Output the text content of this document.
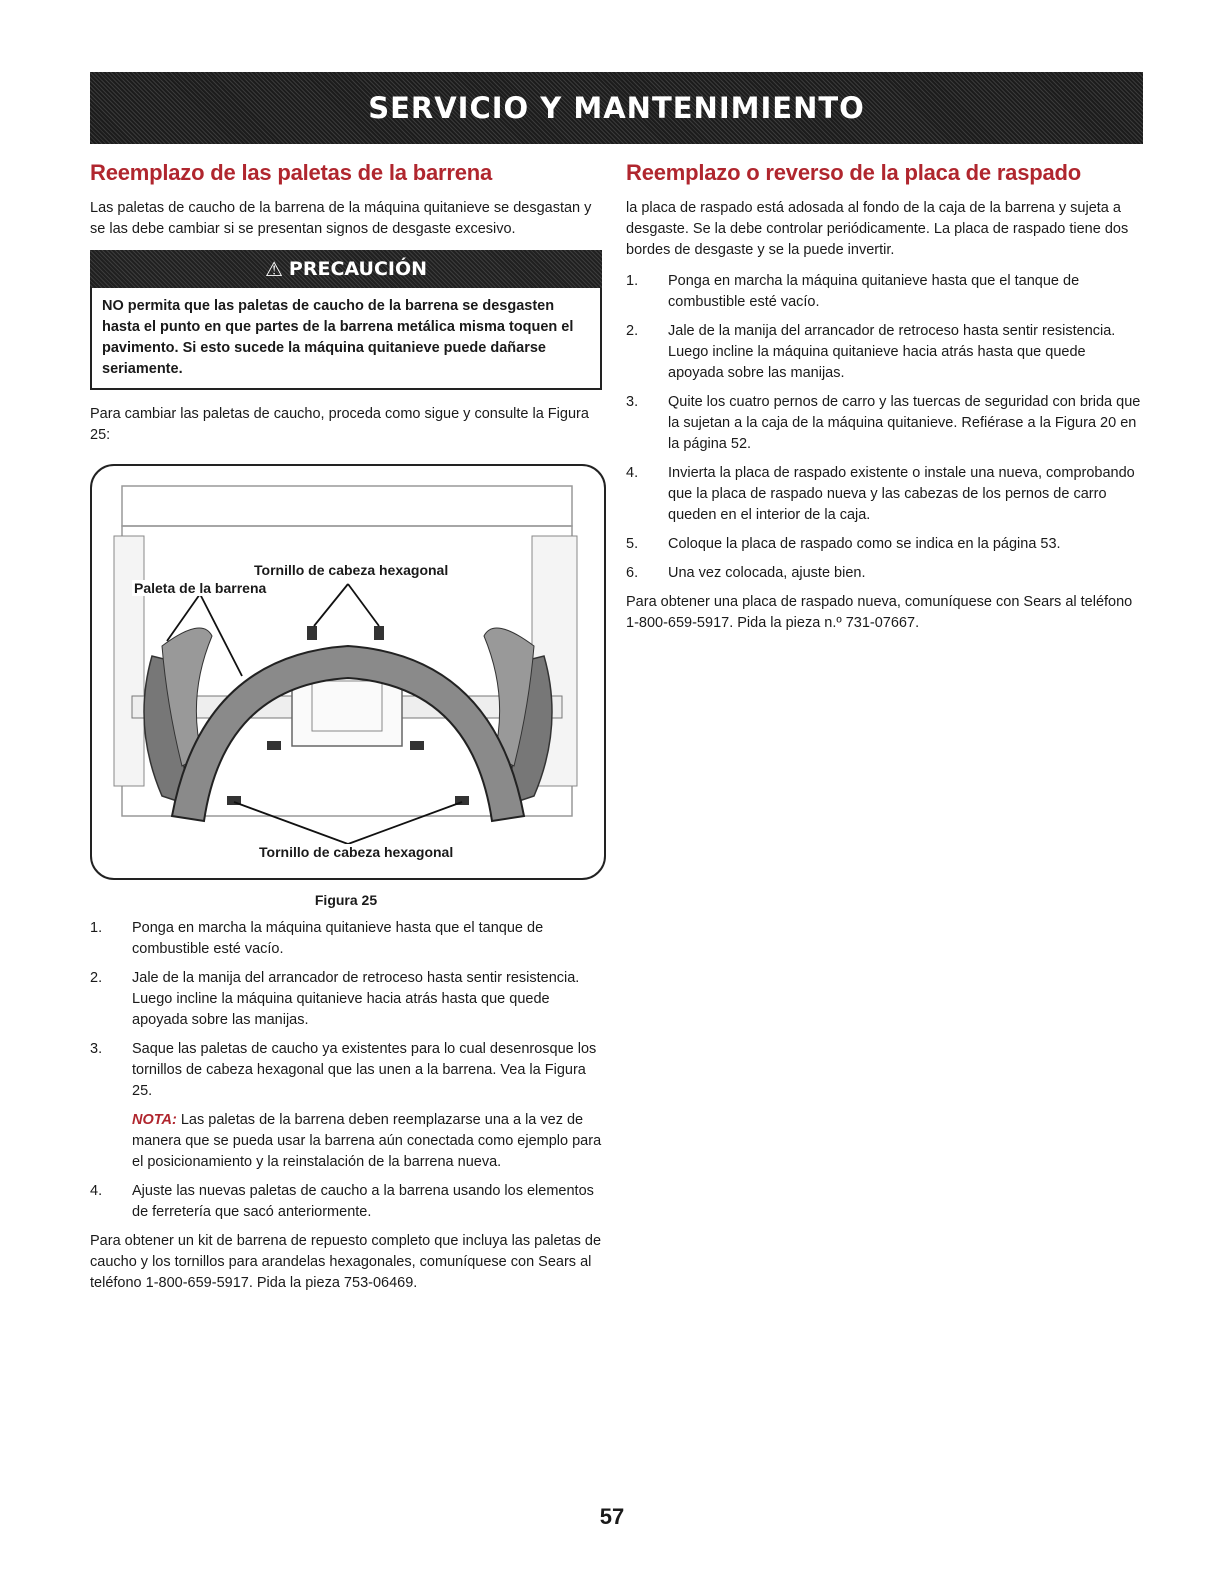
SERVICIO Y MANTENIMIENTO
Reemplazo de las paletas de la barrena

Las paletas de caucho de la barrena de la máquina quitanieve se desgastan y se las debe cambiar si se presentan signos de desgaste excesivo.

⚠ PRECAUCIÓN
NO permita que las paletas de caucho de la barrena se desgasten hasta el punto en que partes de la barrena metálica misma toquen el pavimento. Si esto sucede la máquina quitanieve puede dañarse seriamente.

Para cambiar las paletas de caucho, proceda como sigue y consulte la Figura 25:

Tornillo de cabeza hexagonal
Paleta de la barrena
Tornillo de cabeza hexagonal
Figura 25
1. Ponga en marcha la máquina quitanieve hasta que el tanque de combustible esté vacío.
2. Jale de la manija del arrancador de retroceso hasta sentir resistencia. Luego incline la máquina quitanieve hacia atrás hasta que quede apoyada sobre las manijas.
3. Saque las paletas de caucho ya existentes para lo cual desenrosque los tornillos de cabeza hexagonal que las unen a la barrena. Vea la Figura 25.

NOTA: Las paletas de la barrena deben reemplazarse una a la vez de manera que se pueda usar la barrena aún conectada como ejemplo para el posicionamiento y la reinstalación de la barrena nueva.

4. Ajuste las nuevas paletas de caucho a la barrena usando los elementos de ferretería que sacó anteriormente.

Para obtener un kit de barrena de repuesto completo que incluya las paletas de caucho y los tornillos para arandelas hexagonales, comuníquese con Sears al teléfono 1-800-659-5917. Pida la pieza 753-06469.

Reemplazo o reverso de la placa de raspado

la placa de raspado está adosada al fondo de la caja de la barrena y sujeta a desgaste. Se la debe controlar periódicamente. La placa de raspado tiene dos bordes de desgaste y se la puede invertir.

1. Ponga en marcha la máquina quitanieve hasta que el tanque de combustible esté vacío.
2. Jale de la manija del arrancador de retroceso hasta sentir resistencia. Luego incline la máquina quitanieve hacia atrás hasta que quede apoyada sobre las manijas.
3. Quite los cuatro pernos de carro y las tuercas de seguridad con brida que la sujetan a la caja de la máquina quitanieve. Refiérase a la Figura 20 en la página 52.
4. Invierta la placa de raspado existente o instale una nueva, comprobando que la placa de raspado nueva y las cabezas de los pernos de carro queden en el interior de la caja.
5. Coloque la placa de raspado como se indica en la página 53.
6. Una vez colocada, ajuste bien.

Para obtener una placa de raspado nueva, comuníquese con Sears al teléfono 1-800-659-5917. Pida la pieza n.º 731-07667.

57
